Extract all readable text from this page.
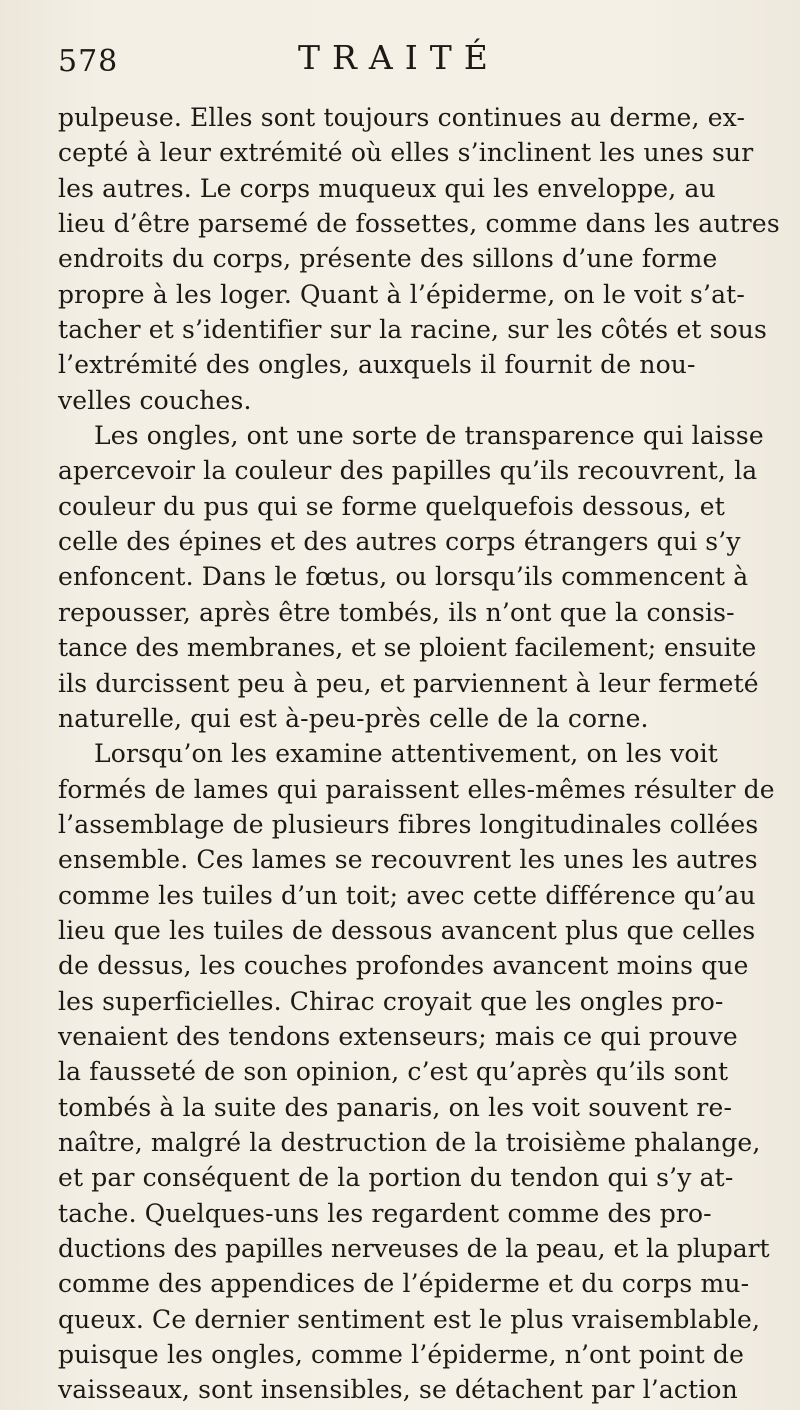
578	TRAITÉ
pulpeuse. Elles sont toujours continues au derme, ex-
cepté à leur extrémité où elles s’inclinent les unes sur
les autres. Le corps muqueux qui les enveloppe, au
lieu d’être parsemé de fossettes, comme dans les autres
endroits du corps, présente des sillons d’une forme
propre à les loger. Quant à l’épiderme, on le voit s’at-
tacher et s’identifier sur la racine, sur les côtés et sous
l’extrémité des ongles, auxquels il fournit de nou-
velles couches.
Les ongles, ont une sorte de transparence qui laisse
apercevoir la couleur des papilles qu’ils recouvrent, la
couleur du pus qui se forme quelquefois dessous, et
celle des épines et des autres corps étrangers qui s’y
enfoncent. Dans le fœtus, ou lorsqu’ils commencent à
repousser, après être tombés, ils n’ont que la consis-
tance des membranes, et se ploient facilement; ensuite
ils durcissent peu à peu, et parviennent à leur fermeté
naturelle, qui est à-peu-près celle de la corne.
Lorsqu’on les examine attentivement, on les voit
formés de lames qui paraissent elles-mêmes résulter de
l’assemblage de plusieurs fibres longitudinales collées
ensemble. Ces lames se recouvrent les unes les autres
comme les tuiles d’un toit; avec cette différence qu’au
lieu que les tuiles de dessous avancent plus que celles
de dessus, les couches profondes avancent moins que
les superficielles. Chirac croyait que les ongles pro-
venaient des tendons extenseurs; mais ce qui prouve
la fausseté de son opinion, c’est qu’après qu’ils sont
tombés à la suite des panaris, on les voit souvent re-
naître, malgré la destruction de la troisième phalange,
et par conséquent de la portion du tendon qui s’y at-
tache. Quelques-uns les regardent comme des pro-
ductions des papilles nerveuses de la peau, et la plupart
comme des appendices de l’épiderme et du corps mu-
queux. Ce dernier sentiment est le plus vraisemblable,
puisque les ongles, comme l’épiderme, n’ont point de
vaisseaux, sont insensibles, se détachent par l’action
